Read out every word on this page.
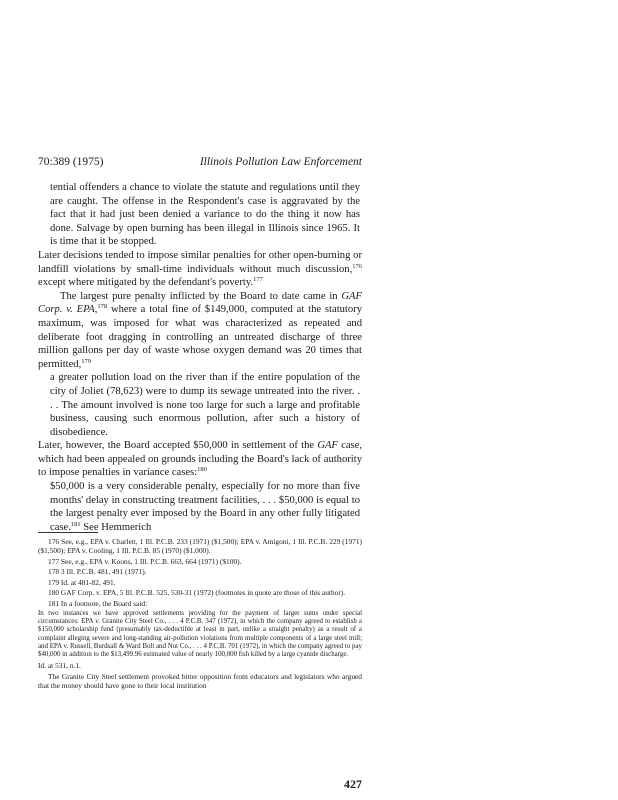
70:389 (1975)	Illinois Pollution Law Enforcement

tential offenders a chance to violate the statute and regulations until they are caught. The offense in the Respondent's case is aggravated by the fact that it had just been denied a variance to do the thing it now has done. Salvage by open burning has been illegal in Illinois since 1965. It is time that it be stopped.

Later decisions tended to impose similar penalties for other open-burning or landfill violations by small-time individuals without much discussion,$^{176}$ except where mitigated by the defendant's poverty.$^{177}$

The largest pure penalty inflicted by the Board to date came in GAF Corp. v. EPA,$^{178}$ where a total fine of $149,000, computed at the statutory maximum, was imposed for what was characterized as repeated and deliberate foot dragging in controlling an untreated discharge of three million gallons per day of waste whose oxygen demand was 20 times that permitted,$^{179}$

a greater pollution load on the river than if the entire population of the city of Joliet (78,623) were to dump its sewage untreated into the river. . . . The amount involved is none too large for such a large and profitable business, causing such enormous pollution, after such a history of disobedience.

Later, however, the Board accepted $50,000 in settlement of the GAF case, which had been appealed on grounds including the Board's lack of authority to impose penalties in variance cases:$^{180}$

$50,000 is a very considerable penalty, especially for no more than five months' delay in constructing treatment facilities, . . . $50,000 is equal to the largest penalty ever imposed by the Board in any other fully litigated case.$^{181}$ See Hemmerich

176 See, e.g., EPA v. Charlett, 1 Ill. P.C.B. 233 (1971) ($1,500); EPA v. Amigoni, 1 Ill. P.C.B. 229 (1971) ($1,500); EPA v. Cooling, 1 Ill. P.C.B. 85 (1970) ($1,000).

177 See, e.g., EPA v. Koons, 1 Ill. P.C.B. 663, 664 (1971) ($100).

178 3 Ill. P.C.B. 481, 491 (1971).

179 Id. at 481-82, 491.

180 GAF Corp. v. EPA, 5 Ill. P.C.B. 525, 530-31 (1972) (footnotes in quote are those of this author).

181 In a footnote, the Board said:

In two instances we have approved settlements providing for the payment of larger sums under special circumstances: EPA v. Granite City Steel Co., . . . 4 P.C.B. 347 (1972), in which the company agreed to establish a $150,000 scholarship fund (presumably tax-deductible at least in part, unlike a straight penalty) as a result of a complaint alleging severe and long-standing air-pollution violations from multiple components of a large steel mill; and EPA v. Russell, Burdsall & Ward Bolt and Nut Co., . . . 4 P.C.B. 701 (1972), in which the company agreed to pay $40,000 in addition to the $13,499.96 estimated value of nearly 100,000 fish killed by a large cyanide discharge.

Id. at 531, n.1.

The Granite City Steel settlement provoked bitter opposition from educators and legislators who argued that the money should have gone to their local institution

427
